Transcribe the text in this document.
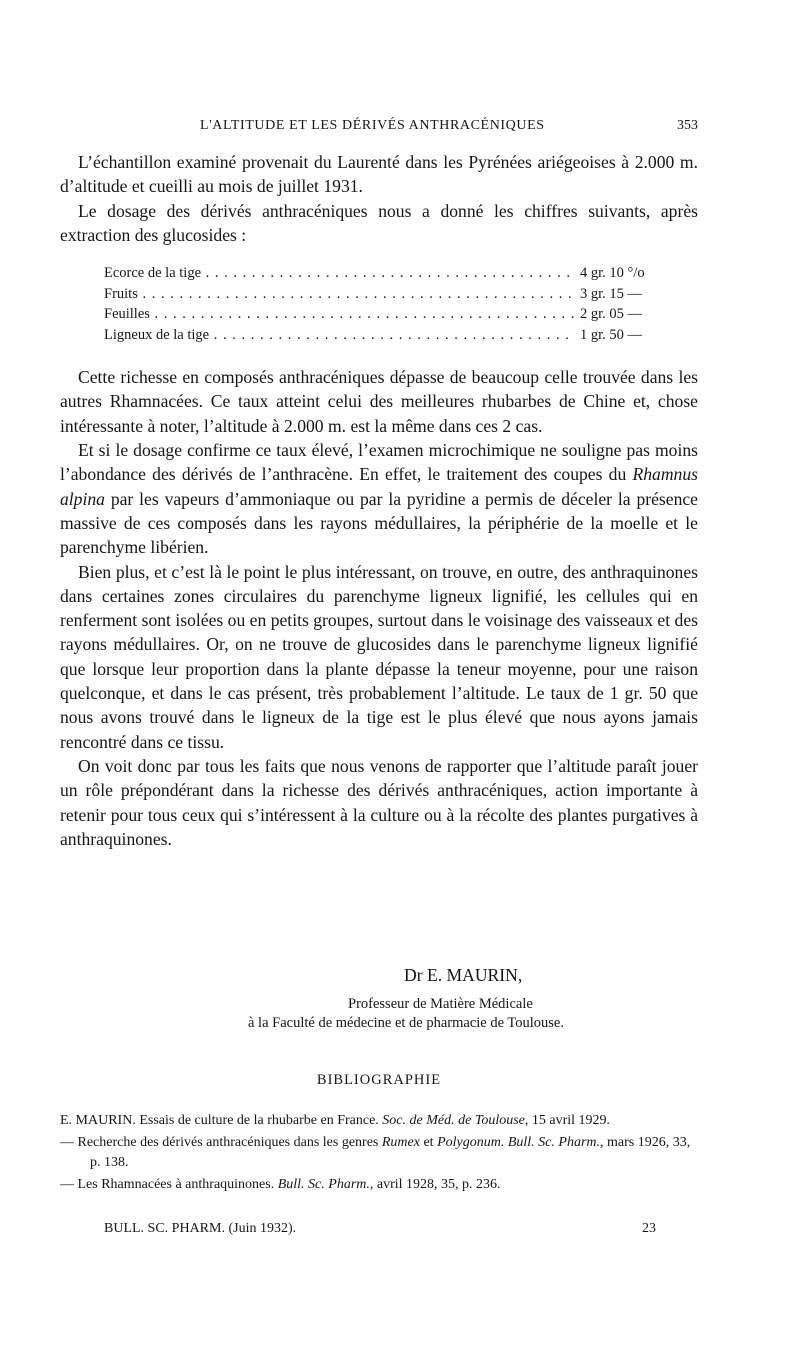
L'ALTITUDE ET LES DÉRIVÉS ANTHRACÉNIQUES	353

L’échantillon examiné provenait du Laurenté dans les Pyrénées ariégeoises à 2.000 m. d’altitude et cueilli au mois de juillet 1931.

Le dosage des dérivés anthracéniques nous a donné les chiffres suivants, après extraction des glucosides :

Ecorce de la tige . . .	4 gr. 10 °/o
Fruits . . .	3 gr. 15 —
Feuilles . . .	2 gr. 05 —
Ligneux de la tige . . .	1 gr. 50 —

Cette richesse en composés anthracéniques dépasse de beaucoup celle trouvée dans les autres Rhamnacées. Ce taux atteint celui des meilleures rhubarbes de Chine et, chose intéressante à noter, l’altitude à 2.000 m. est la même dans ces 2 cas.

Et si le dosage confirme ce taux élevé, l’examen microchimique ne souligne pas moins l’abondance des dérivés de l’anthracène. En effet, le traitement des coupes du Rhamnus alpina par les vapeurs d’ammoniaque ou par la pyridine a permis de déceler la présence massive de ces composés dans les rayons médullaires, la périphérie de la moelle et le parenchyme libérien.

Bien plus, et c’est là le point le plus intéressant, on trouve, en outre, des anthraquinones dans certaines zones circulaires du parenchyme ligneux lignifié, les cellules qui en renferment sont isolées ou en petits groupes, surtout dans le voisinage des vaisseaux et des rayons médullaires. Or, on ne trouve de glucosides dans le parenchyme ligneux lignifié que lorsque leur proportion dans la plante dépasse la teneur moyenne, pour une raison quelconque, et dans le cas présent, très probablement l’altitude. Le taux de 1 gr. 50 que nous avons trouvé dans le ligneux de la tige est le plus élevé que nous ayons jamais rencontré dans ce tissu.

On voit donc par tous les faits que nous venons de rapporter que l’altitude paraît jouer un rôle prépondérant dans la richesse des dérivés anthracéniques, action importante à retenir pour tous ceux qui s’intéressent à la culture ou à la récolte des plantes purgatives à anthraquinones.

Dr E. MAURIN,
Professeur de Matière Médicale
à la Faculté de médecine et de pharmacie de Toulouse.
BIBLIOGRAPHIE
E. MAURIN. Essais de culture de la rhubarbe en France. Soc. de Méd. de Toulouse, 15 avril 1929.
— Recherche des dérivés anthracéniques dans les genres Rumex et Polygonum. Bull. Sc. Pharm., mars 1926, 33, p. 138.
— Les Rhamnacées à anthraquinones. Bull. Sc. Pharm., avril 1928, 35, p. 236.
BULL. SC. PHARM. (Juin 1932).	23
